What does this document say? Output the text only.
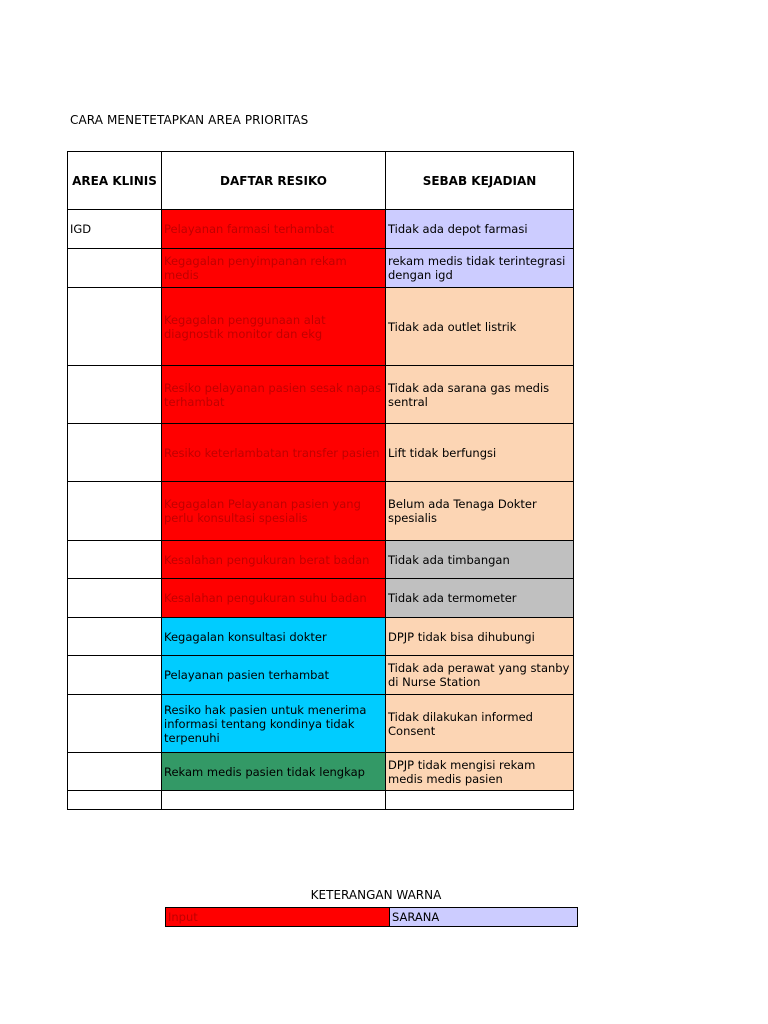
CARA MENETETAPKAN AREA PRIORITAS
AREA KLINIS	DAFTAR RESIKO	SEBAB KEJADIAN
IGD	Pelayanan farmasi terhambat	Tidak ada depot farmasi
	Kegagalan penyimpanan rekam medis	rekam medis tidak terintegrasi dengan igd
	Kegagalan penggunaan alat diagnostik monitor dan ekg	Tidak ada outlet listrik
	Resiko pelayanan pasien sesak napas terhambat	Tidak ada sarana gas medis sentral
	Resiko keterlambatan transfer pasien	Lift tidak berfungsi
	Kegagalan Pelayanan pasien yang perlu konsultasi spesialis	Belum ada Tenaga Dokter spesialis
	Kesalahan pengukuran berat badan	Tidak ada timbangan
	Kesalahan pengukuran suhu badan	Tidak ada termometer
	Kegagalan konsultasi dokter	DPJP tidak bisa dihubungi
	Pelayanan pasien terhambat	Tidak ada perawat yang stanby di Nurse Station
	Resiko hak pasien untuk menerima informasi tentang kondinya tidak terpenuhi	Tidak dilakukan informed Consent
	Rekam medis pasien tidak lengkap	DPJP tidak mengisi rekam medis medis pasien

KETERANGAN WARNA
Input	SARANA
